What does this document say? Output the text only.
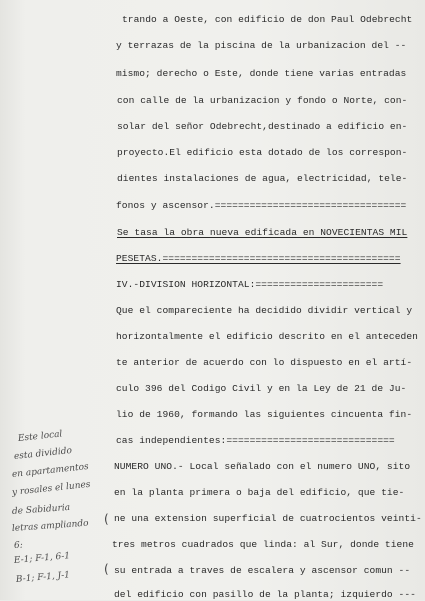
trando a Oeste, con edificio de don Paul Odebrecht
y terrazas de la piscina de la urbanizacion del --
mismo; derecho o Este, donde tiene varias entradas
con calle de la urbanizacion y fondo o Norte, con-
solar del señor Odebrecht,destinado a edificio en-
proyecto.El edificio esta dotado de los correspon-
dientes instalaciones de agua, electricidad, tele-
fonos y ascensor.=================================
Se tasa la obra nueva edificada en NOVECIENTAS MIL
PESETAS.=========================================
IV.-DIVISION HORIZONTAL:======================
Que el compareciente ha decidido dividir vertical y
horizontalmente el edificio descrito en el anteceden
te anterior de acuerdo con lo dispuesto en el artí-
culo 396 del Codigo Civil y en la Ley de 21 de Ju-
lio de 1960, formando las siguientes cincuenta fin-
cas independientes:=============================
NUMERO UNO.- Local señalado con el numero UNO, sito
en la planta primera o baja del edificio, que tie-
ne una extension superficial de cuatrocientos veinti-
tres metros cuadrados que linda: al Sur, donde tiene
su entrada a traves de escalera y ascensor comun --
del edificio con pasillo de la planta; izquierdo ---
Este local
esta dividido
en apartamentos
y rosales el lunes
de Sabiduria
letras ampliando
6:
E-1; F-1, 6-1
B-1; F-1, J-1
(
(
